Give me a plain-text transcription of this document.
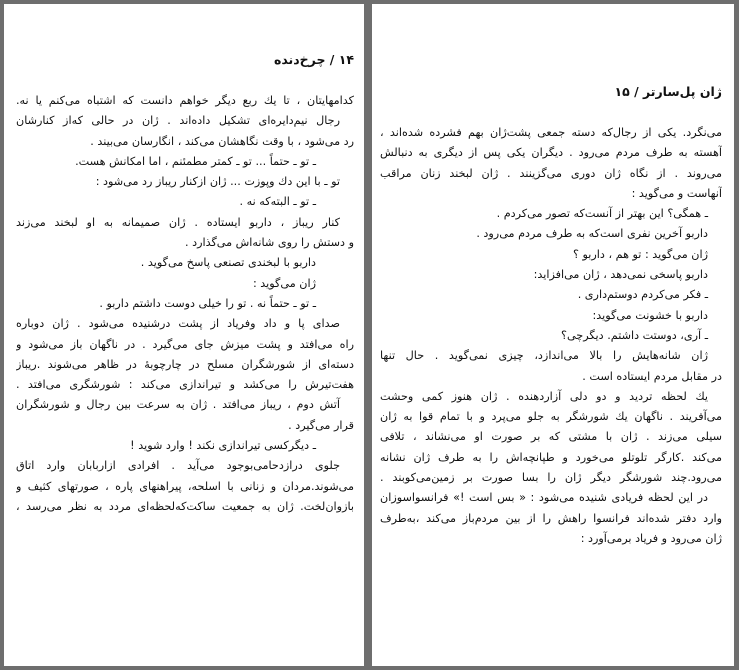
۱۴ / چرخ‌دنده
کدامهایتان ، تا یك ربع دیگر خواهم دانست که اشتباه می‌کنم یا نه.
رجال نیم‌دایره‌ای تشکیل داده‌اند . ژان در حالی که‌از کنارشان
رد می‌شود ، با وقت نگاهشان می‌کند ، انگارسان می‌بیند .
ـ تو ـ حتماً ... تو ـ کمتر مطمئنم ، اما امکانش هست.
تو ـ با این دك وپوزت ... ژان ازکنار ریباز رد می‌شود :
ـ تو ـ البته‌که نه .
کنار ریباز ، داربو ایستاده . ژان صمیمانه به او لبخند می‌زند
و دستش را روی شانه‌اش می‌گذارد .
داربو با لبخندی تصنعی پاسخ می‌گوید .
ژان می‌گوید :
ـ تو ـ حتماً نه . تو را خیلی دوست داشتم داربو .
صدای پا و داد وفریاد از پشت درشنیده می‌شود . ژان دوباره
راه می‌افتد و پشت میزش جای می‌گیرد . در ناگهان باز می‌شود و
دسته‌ای از شورشگران مسلح در چارچوبهٔ در ظاهر می‌شوند .ریباز
هفت‌تیرش را می‌کشد و تیراندازی می‌کند : شورشگری می‌افتد .
آتش دوم ، ریباز می‌افتد . ژان به سرعت بین رجال و شورشگران
قرار می‌گیرد .
ـ دیگرکسی تیراندازی نکند ! وارد شوید !
جلوی درازدحامی‌بوجود می‌آید . افرادی ازاربابان وارد اتاق
می‌شوند.مردان و زنانی با اسلحه، پیراهنهای پاره ، صورتهای کثیف و
بازوان‌لخت. ژان به جمعیت ساکت‌که‌لحظه‌ای مردد به نظر می‌رسد ،
ژان پل‌سارتر / ۱۵
می‌نگرد. یکی از رجال‌که دسته جمعی پشت‌ژان بهم فشرده شده‌اند ،
آهسته به طرف مردم می‌رود . دیگران یکی پس از دیگری به دنبالش
می‌روند . از نگاه ژان دوری می‌گزینند . ژان لبخند زنان مراقب
آنهاست و می‌گوید :
ـ همگی؟ این بهتر از آنست‌که تصور می‌کردم .
داربو آخرین نفری است‌که به طرف مردم می‌رود .
ژان می‌گوید : تو هم ، داربو ؟
داربو پاسخی نمی‌دهد ، ژان می‌افزاید:
ـ فکر می‌کردم دوستم‌داری .
داربو با خشونت می‌گوید:
ـ آری، دوستت داشتم. دیگرچی؟
ژان شانه‌هایش را بالا می‌اندازد، چیزی نمی‌گوید . حال تنها
در مقابل مردم ایستاده است .
یك لحظه تردید و دو دلی آزاردهنده . ژان هنوز کمی وحشت
می‌آفریند . ناگهان یك شورشگر به جلو می‌پرد و با تمام قوا به ژان
سیلی می‌زند . ژان با مشتی که بر صورت او می‌نشاند ، تلافی
می‌کند .کارگر تلوتلو می‌خورد و طپانچه‌اش را به طرف ژان نشانه
می‌رود.چند شورشگر دیگر ژان را بسا صورت بر زمین‌می‌کوبند .
در این لحظه فریادی شنیده می‌شود : « بس است !» فرانسواسوزان
وارد دفتر شده‌اند فرانسوا راهش را از بین مردم‌باز می‌کند ،به‌طرف
ژان می‌رود و فریاد برمی‌آورد :
